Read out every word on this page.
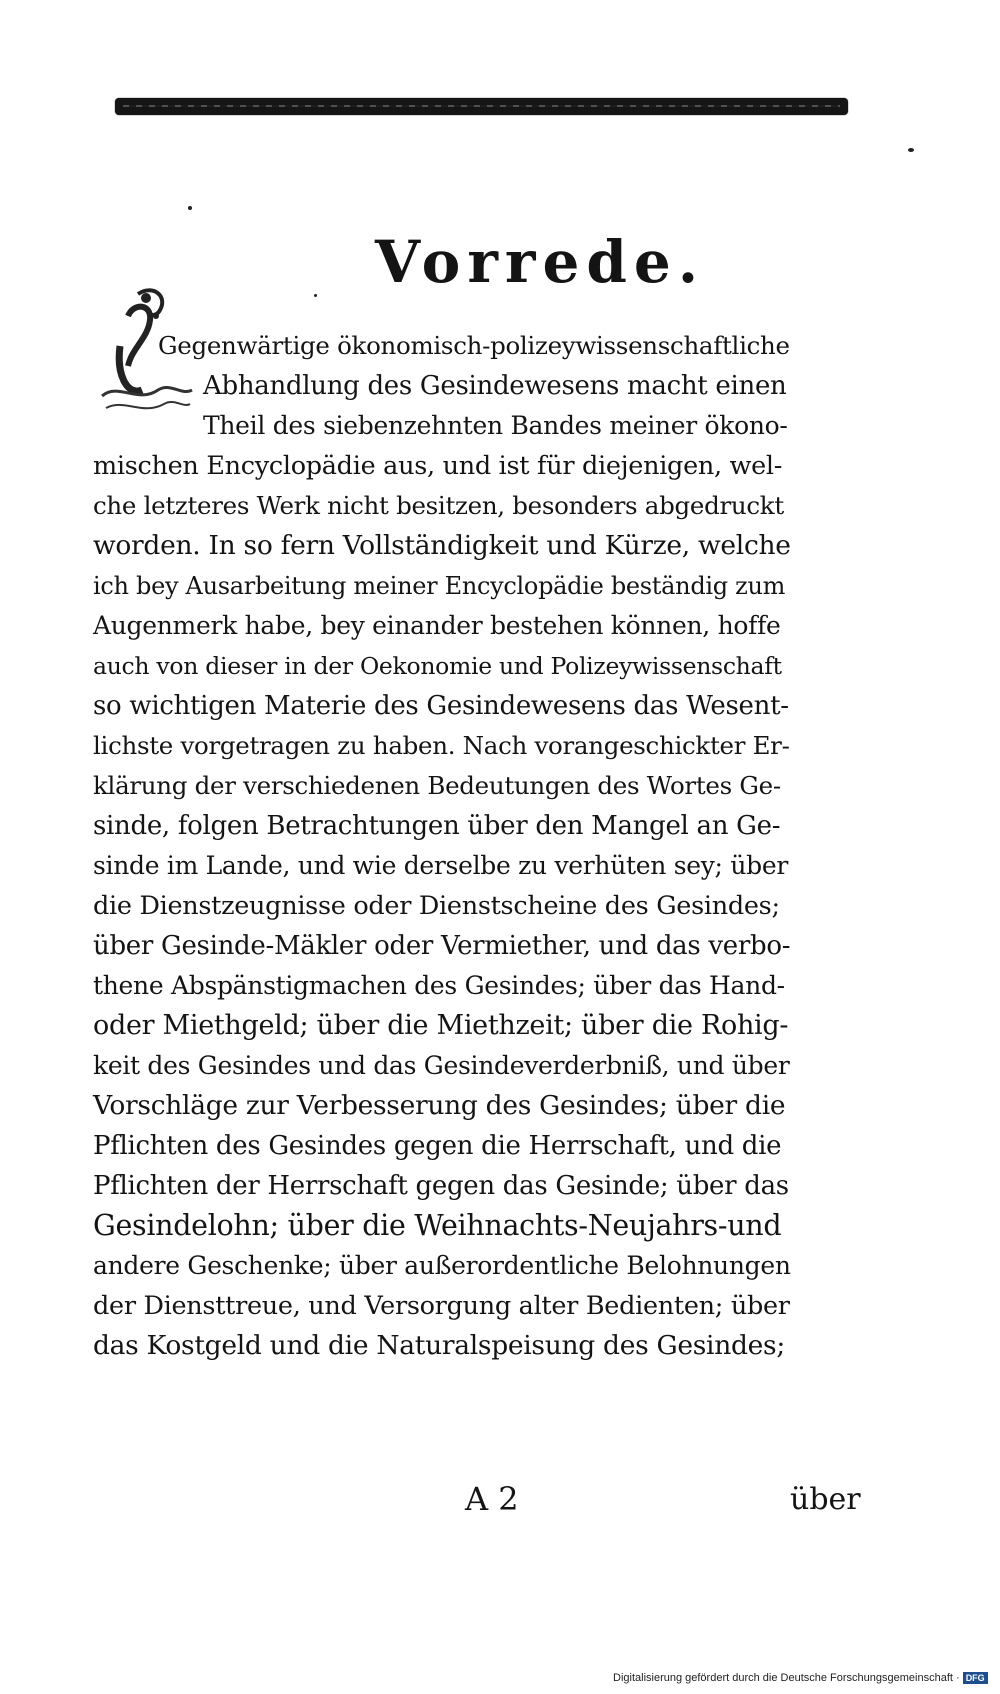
Vorrede.
Gegenwärtige ökonomisch-polizeywissenschaftliche
Abhandlung des Gesindewesens macht einen
Theil des siebenzehnten Bandes meiner ökono-
mischen Encyclopädie aus, und ist für diejenigen, wel-
che letzteres Werk nicht besitzen, besonders abgedruckt
worden. In so fern Vollständigkeit und Kürze, welche
ich bey Ausarbeitung meiner Encyclopädie beständig zum
Augenmerk habe, bey einander bestehen können, hoffe
auch von dieser in der Oekonomie und Polizeywissenschaft
so wichtigen Materie des Gesindewesens das Wesent-
lichste vorgetragen zu haben. Nach vorangeschickter Er-
klärung der verschiedenen Bedeutungen des Wortes Ge-
sinde, folgen Betrachtungen über den Mangel an Ge-
sinde im Lande, und wie derselbe zu verhüten sey; über
die Dienstzeugnisse oder Dienstscheine des Gesindes;
über Gesinde-Mäkler oder Vermiether, und das verbo-
thene Abspänstigmachen des Gesindes; über das Hand-
oder Miethgeld; über die Miethzeit; über die Rohig-
keit des Gesindes und das Gesindeverderbniß, und über
Vorschläge zur Verbesserung des Gesindes; über die
Pflichten des Gesindes gegen die Herrschaft, und die
Pflichten der Herrschaft gegen das Gesinde; über das
Gesindelohn; über die Weihnachts-Neujahrs-und
andere Geschenke; über außerordentliche Belohnungen
der Diensttreue, und Versorgung alter Bedienten; über
das Kostgeld und die Naturalspeisung des Gesindes;
A 2	über
Digitalisierung gefördert durch die Deutsche Forschungsgemeinschaft · DFG
